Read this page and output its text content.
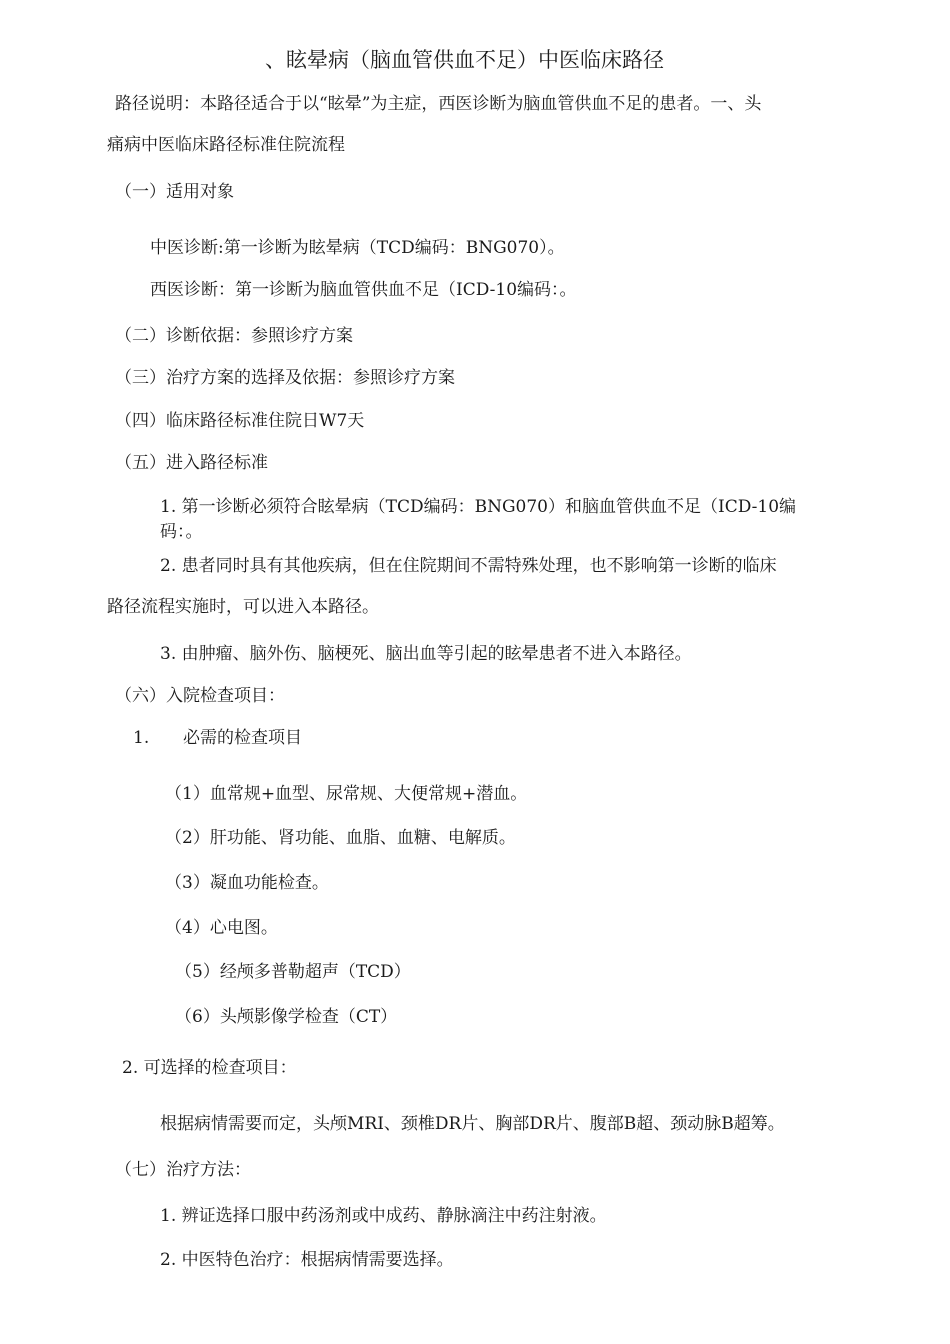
、眩晕病（脑血管供血不足）中医临床路径
路径说明：本路径适合于以“眩晕”为主症，西医诊断为脑血管供血不足的患者。一、头
痛病中医临床路径标准住院流程
（一）适用对象
中医诊断:第一诊断为眩晕病（TCD编码：BNG070）。
西医诊断：第一诊断为脑血管供血不足（ICD-10编码：。
（二）诊断依据：参照诊疗方案
（三）治疗方案的选择及依据：参照诊疗方案
（四）临床路径标准住院日W7天
（五）进入路径标准
1. 第一诊断必须符合眩晕病（TCD编码：BNG070）和脑血管供血不足（ICD-10编
码：。
2. 患者同时具有其他疾病，但在住院期间不需特殊处理，也不影响第一诊断的临床
路径流程实施时，可以进入本路径。
3. 由肿瘤、脑外伤、脑梗死、脑出血等引起的眩晕患者不进入本路径。
（六）入院检查项目：
1. 必需的检查项目
（1）血常规+血型、尿常规、大便常规+潜血。
（2）肝功能、肾功能、血脂、血糖、电解质。
（3）凝血功能检查。
（4）心电图。
（5）经颅多普勒超声（TCD）
（6）头颅影像学检查（CT）
2. 可选择的检查项目：
根据病情需要而定，头颅MRI、颈椎DR片、胸部DR片、腹部B超、颈动脉B超筹。
（七）治疗方法：
1. 辨证选择口服中药汤剂或中成药、静脉滴注中药注射液。
2. 中医特色治疗：根据病情需要选择。
